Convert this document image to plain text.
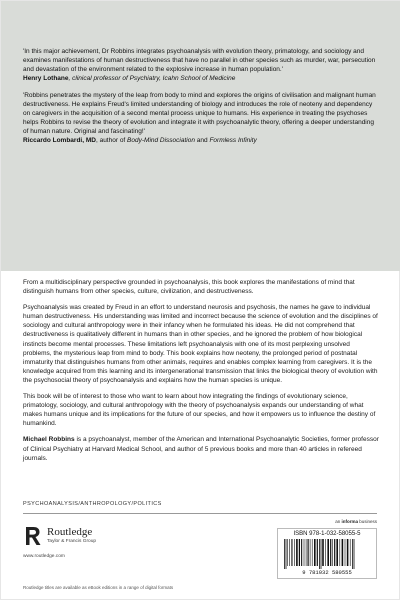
'In this major achievement, Dr Robbins integrates psychoanalysis with evolution theory, primatology, and sociology and examines manifestations of human destructiveness that have no parallel in other species such as murder, war, persecution and devastation of the environment related to the explosive increase in human population.'

Henry Lothane, clinical professor of Psychiatry, Icahn School of Medicine

'Robbins penetrates the mystery of the leap from body to mind and explores the origins of civilisation and malignant human destructiveness. He explains Freud's limited understanding of biology and introduces the role of neoteny and dependency on caregivers in the acquisition of a second mental process unique to humans. His experience in treating the psychoses helps Robbins to revise the theory of evolution and integrate it with psychoanalytic theory, offering a deeper understanding of human nature. Original and fascinating!'

Riccardo Lombardi, MD, author of Body-Mind Dissociation and Formless Infinity

From a multidisciplinary perspective grounded in psychoanalysis, this book explores the manifestations of mind that distinguish humans from other species, culture, civilization, and destructiveness.

Psychoanalysis was created by Freud in an effort to understand neurosis and psychosis, the names he gave to individual human destructiveness. His understanding was limited and incorrect because the science of evolution and the disciplines of sociology and cultural anthropology were in their infancy when he formulated his ideas. He did not comprehend that destructiveness is qualitatively different in humans than in other species, and he ignored the problem of how biological instincts become mental processes. These limitations left psychoanalysis with one of its most perplexing unsolved problems, the mysterious leap from mind to body. This book explains how neoteny, the prolonged period of postnatal immaturity that distinguishes humans from other animals, requires and enables complex learning from caregivers. It is the knowledge acquired from this learning and its intergenerational transmission that links the biological theory of evolution with the psychosocial theory of psychoanalysis and explains how the human species is unique.

This book will be of interest to those who want to learn about how integrating the findings of evolutionary science, primatology, sociology, and cultural anthropology with the theory of psychoanalysis expands our understanding of what makes humans unique and its implications for the future of our species, and how it empowers us to influence the destiny of humankind.

Michael Robbins is a psychoanalyst, member of the American and International Psychoanalytic Societies, former professor of Clinical Psychiatry at Harvard Medical School, and author of 5 previous books and more than 40 articles in refereed journals.

PSYCHOANALYSIS/ANTHROPOLOGY/POLITICS
Routledge
Taylor & Francis Group
www.routledge.com
an informa business
ISBN 978-1-032-58055-5
9 781032 580555
Routledge titles are available as eBook editions in a range of digital formats
